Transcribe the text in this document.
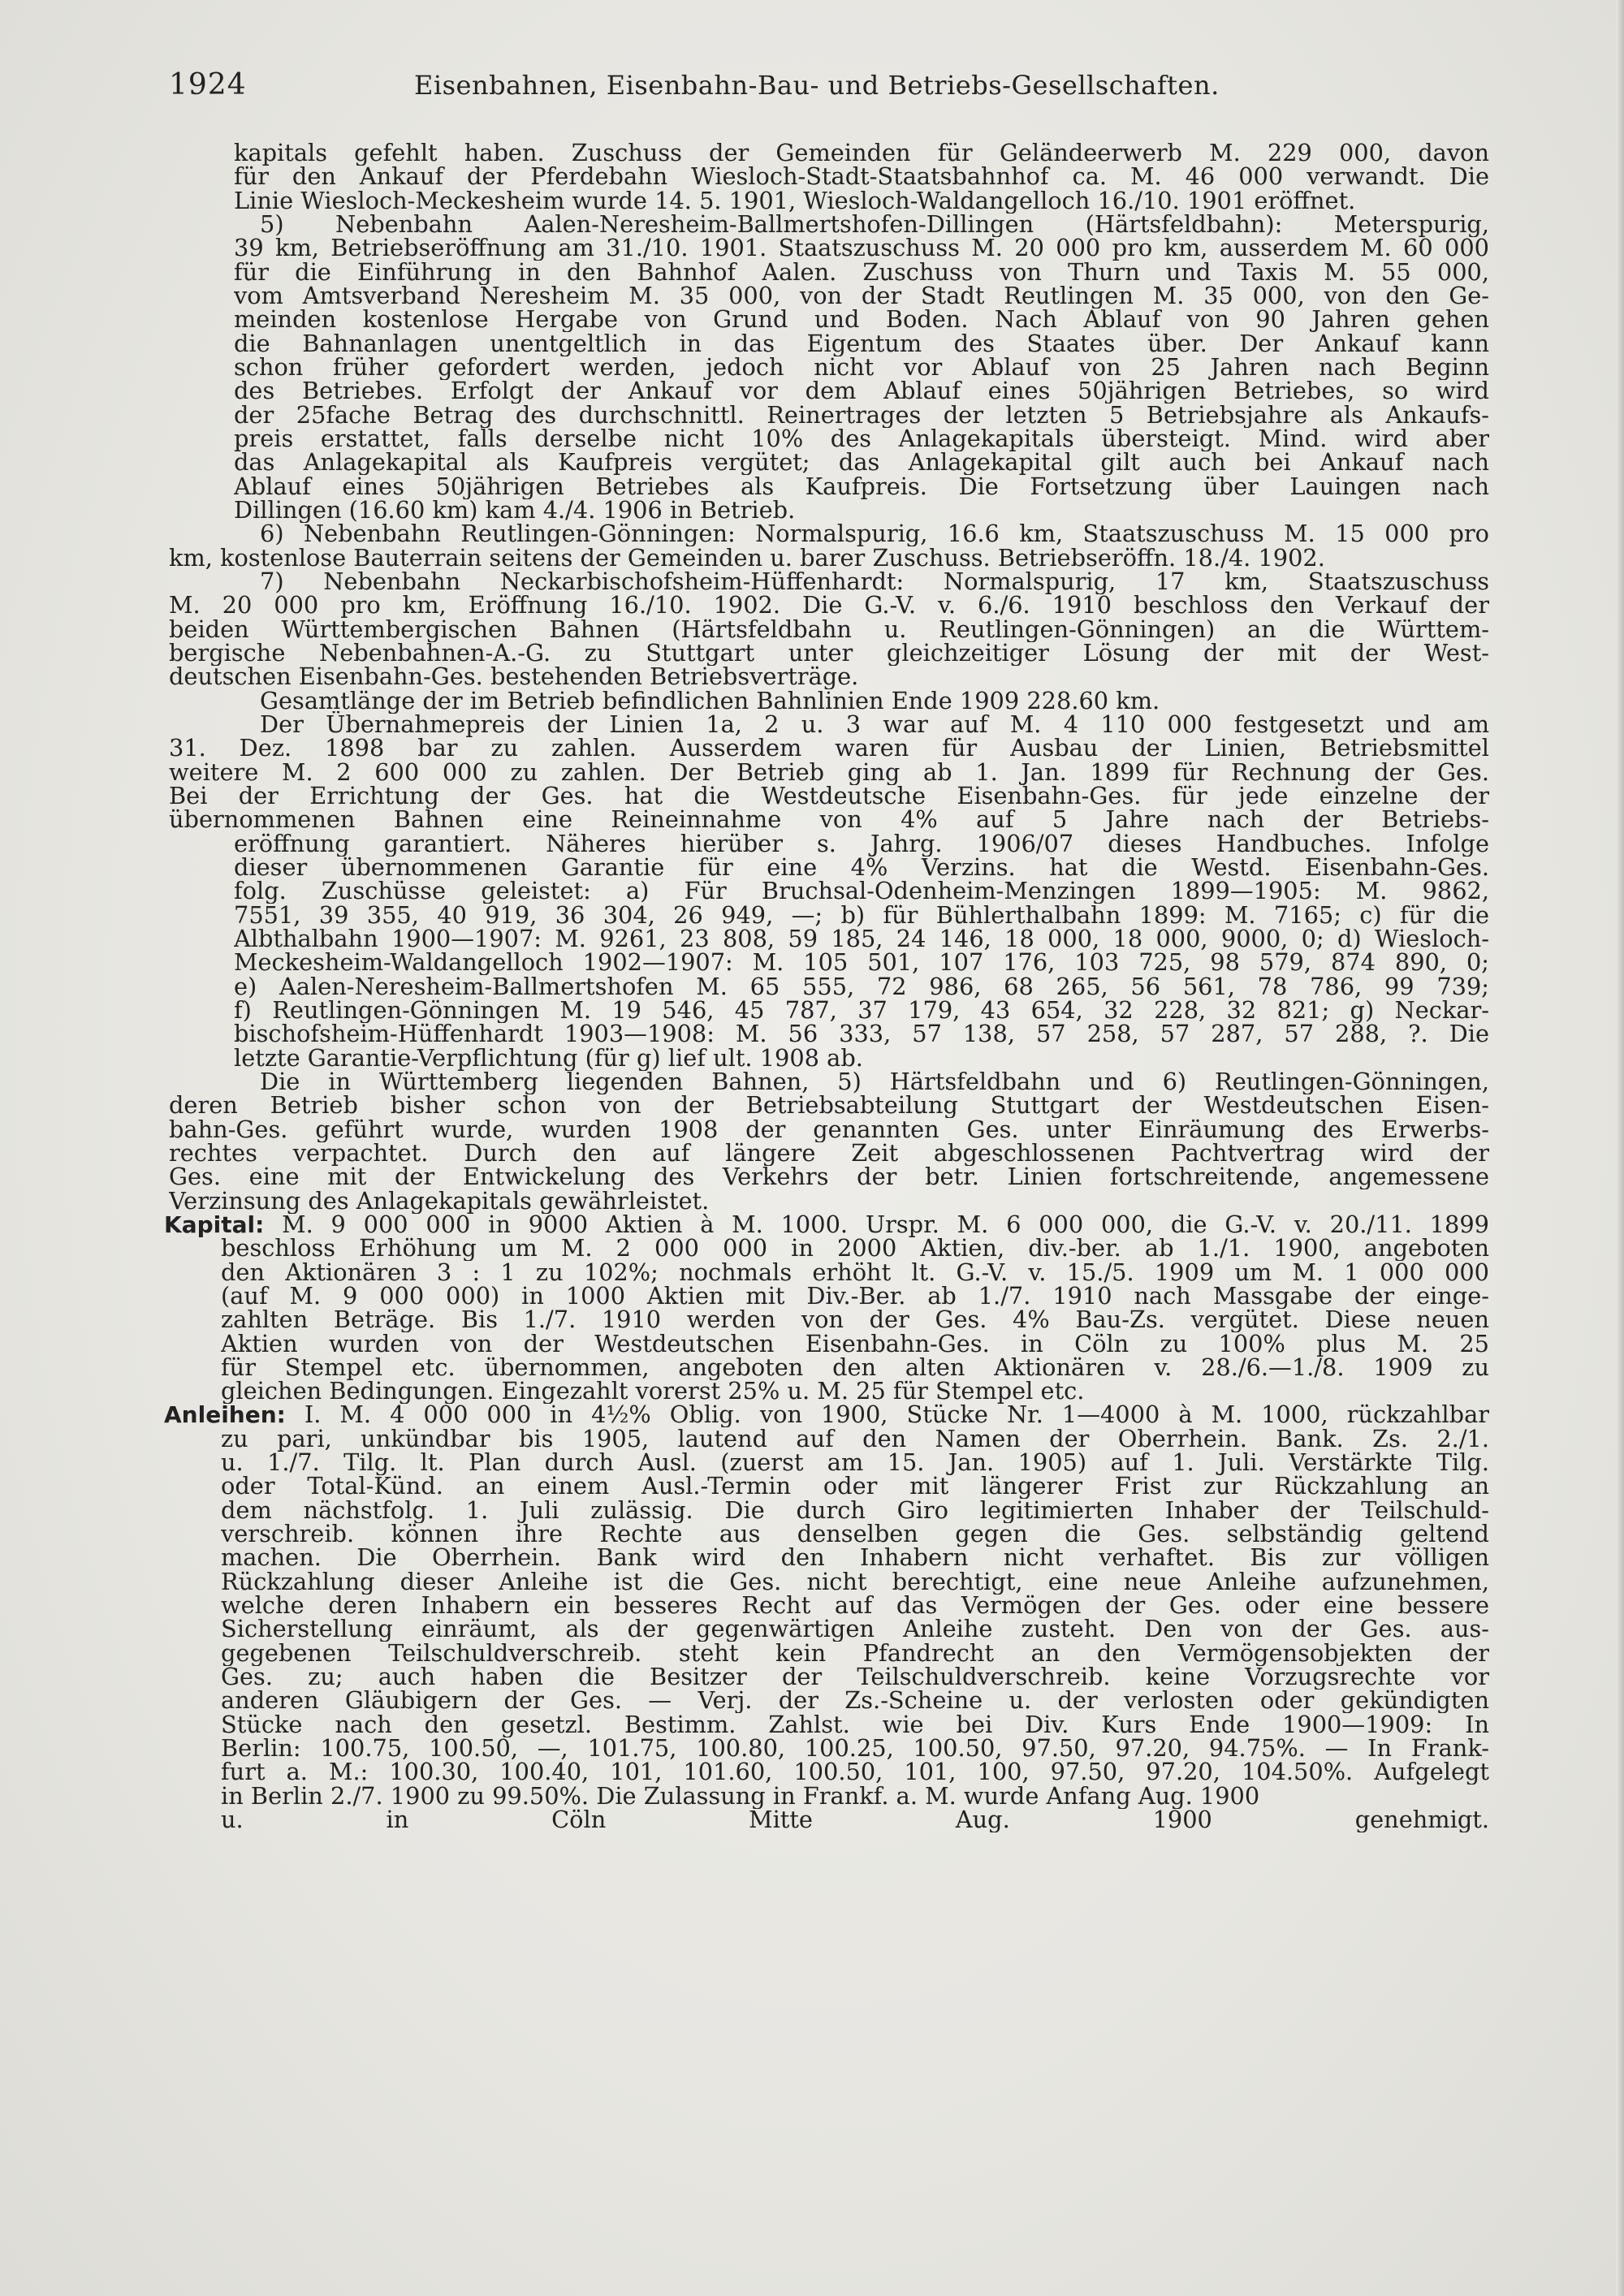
1924	Eisenbahnen, Eisenbahn-Bau- und Betriebs-Gesellschaften.
kapitals gefehlt haben. Zuschuss der Gemeinden für Geländeerwerb M. 229 000, davon
für den Ankauf der Pferdebahn Wiesloch-Stadt-Staatsbahnhof ca. M. 46 000 verwandt. Die
Linie Wiesloch-Meckesheim wurde 14. 5. 1901, Wiesloch-Waldangelloch 16./10. 1901 eröffnet.
5) Nebenbahn Aalen-Neresheim-Ballmertshofen-Dillingen (Härtsfeldbahn): Meterspurig,
39 km, Betriebseröffnung am 31./10. 1901. Staatszuschuss M. 20 000 pro km, ausserdem M. 60 000
für die Einführung in den Bahnhof Aalen. Zuschuss von Thurn und Taxis M. 55 000,
vom Amtsverband Neresheim M. 35 000, von der Stadt Reutlingen M. 35 000, von den Ge-
meinden kostenlose Hergabe von Grund und Boden. Nach Ablauf von 90 Jahren gehen
die Bahnanlagen unentgeltlich in das Eigentum des Staates über. Der Ankauf kann
schon früher gefordert werden, jedoch nicht vor Ablauf von 25 Jahren nach Beginn
des Betriebes. Erfolgt der Ankauf vor dem Ablauf eines 50jährigen Betriebes, so wird
der 25fache Betrag des durchschnittl. Reinertrages der letzten 5 Betriebsjahre als Ankaufs-
preis erstattet, falls derselbe nicht 10% des Anlagekapitals übersteigt. Mind. wird aber
das Anlagekapital als Kaufpreis vergütet; das Anlagekapital gilt auch bei Ankauf nach
Ablauf eines 50jährigen Betriebes als Kaufpreis. Die Fortsetzung über Lauingen nach
Dillingen (16.60 km) kam 4./4. 1906 in Betrieb.
6) Nebenbahn Reutlingen-Gönningen: Normalspurig, 16.6 km, Staatszuschuss M. 15 000 pro
km, kostenlose Bauterrain seitens der Gemeinden u. barer Zuschuss. Betriebseröffn. 18./4. 1902.
7) Nebenbahn Neckarbischofsheim-Hüffenhardt: Normalspurig, 17 km, Staatszuschuss
M. 20 000 pro km, Eröffnung 16./10. 1902. Die G.-V. v. 6./6. 1910 beschloss den Verkauf der
beiden Württembergischen Bahnen (Härtsfeldbahn u. Reutlingen-Gönningen) an die Württem-
bergische Nebenbahnen-A.-G. zu Stuttgart unter gleichzeitiger Lösung der mit der West-
deutschen Eisenbahn-Ges. bestehenden Betriebsverträge.
Gesamtlänge der im Betrieb befindlichen Bahnlinien Ende 1909 228.60 km.
Der Übernahmepreis der Linien 1a, 2 u. 3 war auf M. 4 110 000 festgesetzt und am
31. Dez. 1898 bar zu zahlen. Ausserdem waren für Ausbau der Linien, Betriebsmittel
weitere M. 2 600 000 zu zahlen. Der Betrieb ging ab 1. Jan. 1899 für Rechnung der Ges.
Bei der Errichtung der Ges. hat die Westdeutsche Eisenbahn-Ges. für jede einzelne der
übernommenen Bahnen eine Reineinnahme von 4% auf 5 Jahre nach der Betriebs-
eröffnung garantiert. Näheres hierüber s. Jahrg. 1906/07 dieses Handbuches. Infolge
dieser übernommenen Garantie für eine 4% Verzins. hat die Westd. Eisenbahn-Ges.
folg. Zuschüsse geleistet: a) Für Bruchsal-Odenheim-Menzingen 1899—1905: M. 9862,
7551, 39 355, 40 919, 36 304, 26 949, —; b) für Bühlerthalbahn 1899: M. 7165; c) für die
Albthalbahn 1900—1907: M. 9261, 23 808, 59 185, 24 146, 18 000, 18 000, 9000, 0; d) Wiesloch-
Meckesheim-Waldangelloch 1902—1907: M. 105 501, 107 176, 103 725, 98 579, 874 890, 0;
e) Aalen-Neresheim-Ballmertshofen M. 65 555, 72 986, 68 265, 56 561, 78 786, 99 739;
f) Reutlingen-Gönningen M. 19 546, 45 787, 37 179, 43 654, 32 228, 32 821; g) Neckar-
bischofsheim-Hüffenhardt 1903—1908: M. 56 333, 57 138, 57 258, 57 287, 57 288, ?. Die
letzte Garantie-Verpflichtung (für g) lief ult. 1908 ab.
Die in Württemberg liegenden Bahnen, 5) Härtsfeldbahn und 6) Reutlingen-Gönningen,
deren Betrieb bisher schon von der Betriebsabteilung Stuttgart der Westdeutschen Eisen-
bahn-Ges. geführt wurde, wurden 1908 der genannten Ges. unter Einräumung des Erwerbs-
rechtes verpachtet. Durch den auf längere Zeit abgeschlossenen Pachtvertrag wird der
Ges. eine mit der Entwickelung des Verkehrs der betr. Linien fortschreitende, angemessene
Verzinsung des Anlagekapitals gewährleistet.
Kapital: M. 9 000 000 in 9000 Aktien à M. 1000. Urspr. M. 6 000 000, die G.-V. v. 20./11. 1899
beschloss Erhöhung um M. 2 000 000 in 2000 Aktien, div.-ber. ab 1./1. 1900, angeboten
den Aktionären 3 : 1 zu 102%; nochmals erhöht lt. G.-V. v. 15./5. 1909 um M. 1 000 000
(auf M. 9 000 000) in 1000 Aktien mit Div.-Ber. ab 1./7. 1910 nach Massgabe der einge-
zahlten Beträge. Bis 1./7. 1910 werden von der Ges. 4% Bau-Zs. vergütet. Diese neuen
Aktien wurden von der Westdeutschen Eisenbahn-Ges. in Cöln zu 100% plus M. 25
für Stempel etc. übernommen, angeboten den alten Aktionären v. 28./6.—1./8. 1909 zu
gleichen Bedingungen. Eingezahlt vorerst 25% u. M. 25 für Stempel etc.
Anleihen: I. M. 4 000 000 in 4½% Oblig. von 1900, Stücke Nr. 1—4000 à M. 1000, rückzahlbar
zu pari, unkündbar bis 1905, lautend auf den Namen der Oberrhein. Bank. Zs. 2./1.
u. 1./7. Tilg. lt. Plan durch Ausl. (zuerst am 15. Jan. 1905) auf 1. Juli. Verstärkte Tilg.
oder Total-Künd. an einem Ausl.-Termin oder mit längerer Frist zur Rückzahlung an
dem nächstfolg. 1. Juli zulässig. Die durch Giro legitimierten Inhaber der Teilschuld-
verschreib. können ihre Rechte aus denselben gegen die Ges. selbständig geltend
machen. Die Oberrhein. Bank wird den Inhabern nicht verhaftet. Bis zur völligen
Rückzahlung dieser Anleihe ist die Ges. nicht berechtigt, eine neue Anleihe aufzunehmen,
welche deren Inhabern ein besseres Recht auf das Vermögen der Ges. oder eine bessere
Sicherstellung einräumt, als der gegenwärtigen Anleihe zusteht. Den von der Ges. aus-
gegebenen Teilschuldverschreib. steht kein Pfandrecht an den Vermögensobjekten der
Ges. zu; auch haben die Besitzer der Teilschuldverschreib. keine Vorzugsrechte vor
anderen Gläubigern der Ges. — Verj. der Zs.-Scheine u. der verlosten oder gekündigten
Stücke nach den gesetzl. Bestimm. Zahlst. wie bei Div. Kurs Ende 1900—1909: In
Berlin: 100.75, 100.50, —, 101.75, 100.80, 100.25, 100.50, 97.50, 97.20, 94.75%. — In Frank-
furt a. M.: 100.30, 100.40, 101, 101.60, 100.50, 101, 100, 97.50, 97.20, 104.50%. Aufgelegt
in Berlin 2./7. 1900 zu 99.50%. Die Zulassung in Frankf. a. M. wurde Anfang Aug. 1900
u. in Cöln Mitte Aug. 1900 genehmigt.
